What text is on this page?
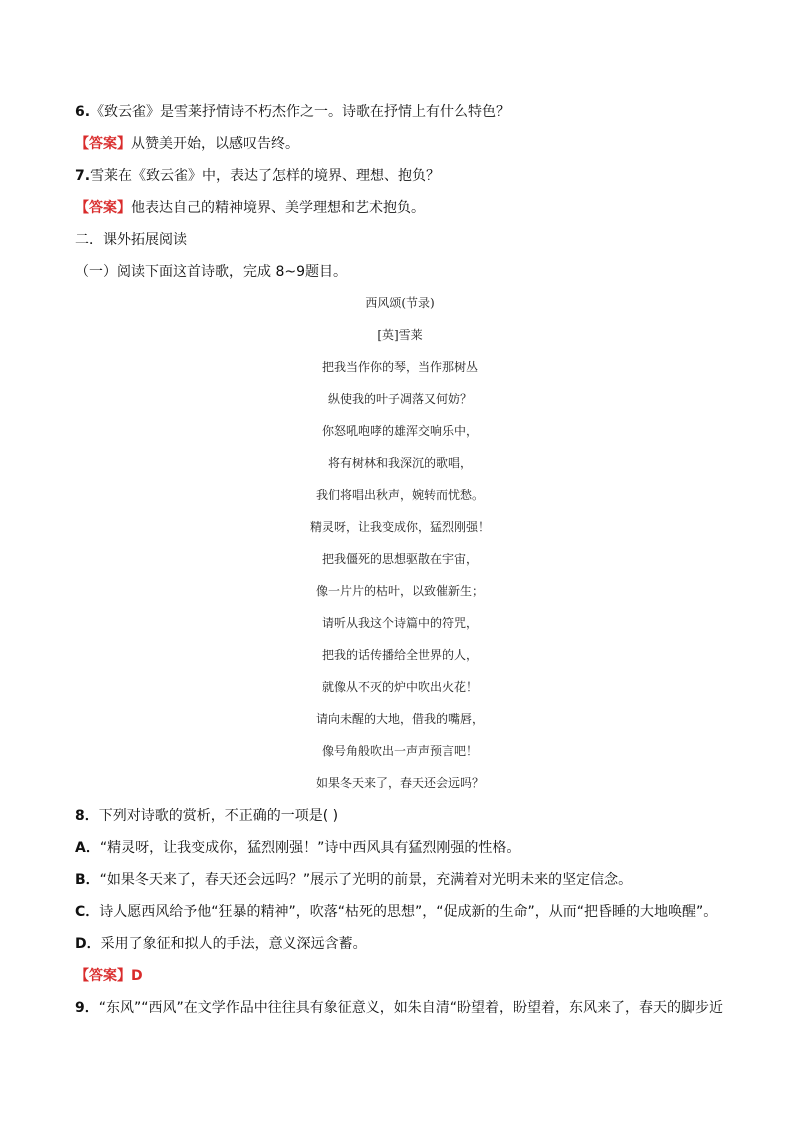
6.《致云雀》是雪莱抒情诗不朽杰作之一。诗歌在抒情上有什么特色？
【答案】从赞美开始，以感叹告终。
7.雪莱在《致云雀》中，表达了怎样的境界、理想、抱负？
【答案】他表达自己的精神境界、美学理想和艺术抱负。
二．课外拓展阅读
（一）阅读下面这首诗歌，完成 8~9题目。
西风颂(节录)
[英]雪莱
把我当作你的琴，当作那树丛
纵使我的叶子凋落又何妨？
你怒吼咆哮的雄浑交响乐中，
将有树林和我深沉的歌唱，
我们将唱出秋声，婉转而忧愁。
精灵呀，让我变成你，猛烈刚强！
把我僵死的思想驱散在宇宙，
像一片片的枯叶，以致催新生；
请听从我这个诗篇中的符咒，
把我的话传播给全世界的人，
就像从不灭的炉中吹出火花！
请向未醒的大地，借我的嘴唇，
像号角般吹出一声声预言吧！
如果冬天来了，春天还会远吗？
8．下列对诗歌的赏析，不正确的一项是( )
A．“精灵呀，让我变成你，猛烈刚强！”诗中西风具有猛烈刚强的性格。
B．“如果冬天来了，春天还会远吗？”展示了光明的前景，充满着对光明未来的坚定信念。
C．诗人愿西风给予他“狂暴的精神”，吹落“枯死的思想”，“促成新的生命”，从而“把昏睡的大地唤醒”。
D．采用了象征和拟人的手法，意义深远含蓄。
【答案】D
9．“东风”“西风”在文学作品中往往具有象征意义，如朱自清“盼望着，盼望着，东风来了，春天的脚步近
